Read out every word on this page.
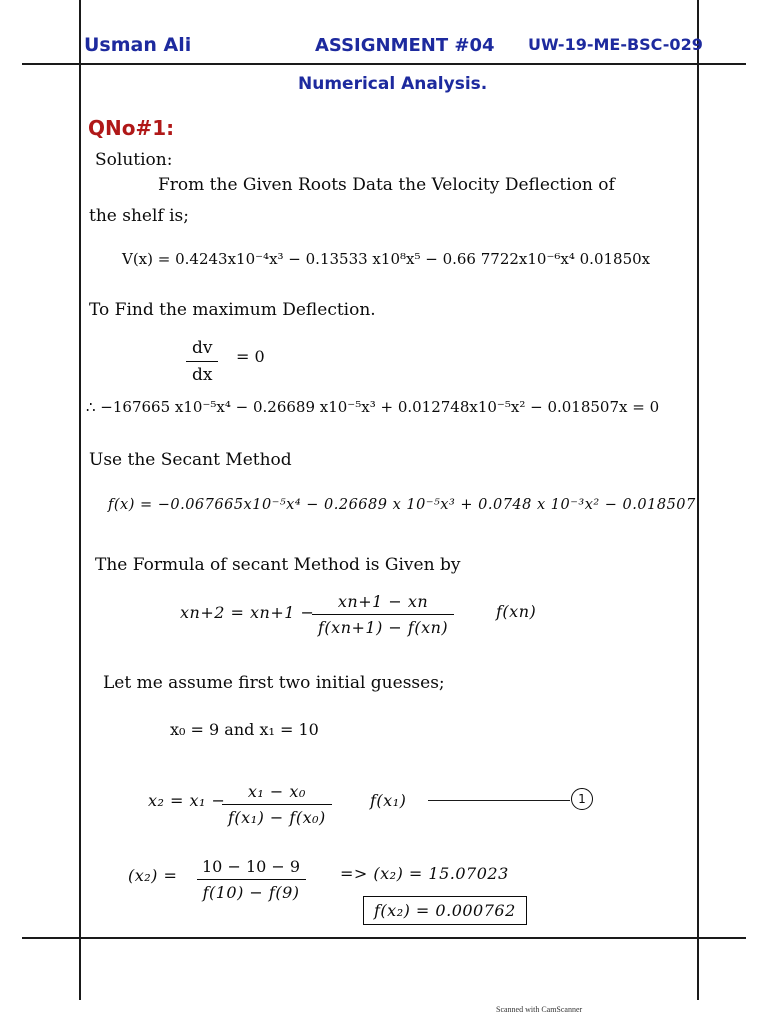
Usman Ali	ASSIGNMENT #04 UW-19-ME-BSC-029
Numerical Analysis.
QNo#1:
Solution:
From the Given Roots Data the Velocity Deflection of
the shelf is;
V(x) = 0.4243x10⁻⁴x³ − 0.13533 x10⁸x⁵ − 0.66 7722x10⁻⁶x⁴ 0.01850x
To Find the maximum Deflection.
$\frac{dv}{dx} = 0$
∴ −167665 x10⁻⁵x⁴ − 0.26689 x10⁻⁵x³ + 0.012748x10⁻⁵x² − 0.018507x = 0
Use the Secant Method
f(x) = −0.067665x10⁻⁵x⁴ − 0.26689 x 10⁻⁵x³ + 0.0748 x 10⁻³x² − 0.018507
The Formula of secant Method is Given by
xn+2 = xn+1 −
$\frac{xn+1 - xn}{f(xn+1) - f(xn)}$	f(xn)
Let me assume first two initial guesses;
x₀ = 9 and x₁ = 10
x₂ = x₁ −
$\frac{\text{x₁ − x₀}}{\text{f(x₁) − f(x₀)}} f(x_1)$	1
$(x_2) = \frac{10 - 10 - 9}{f(10) - f(9)} => (x_2) = 15.07023$
f(x₂) = 0.000762
Scanned with CamScanner
